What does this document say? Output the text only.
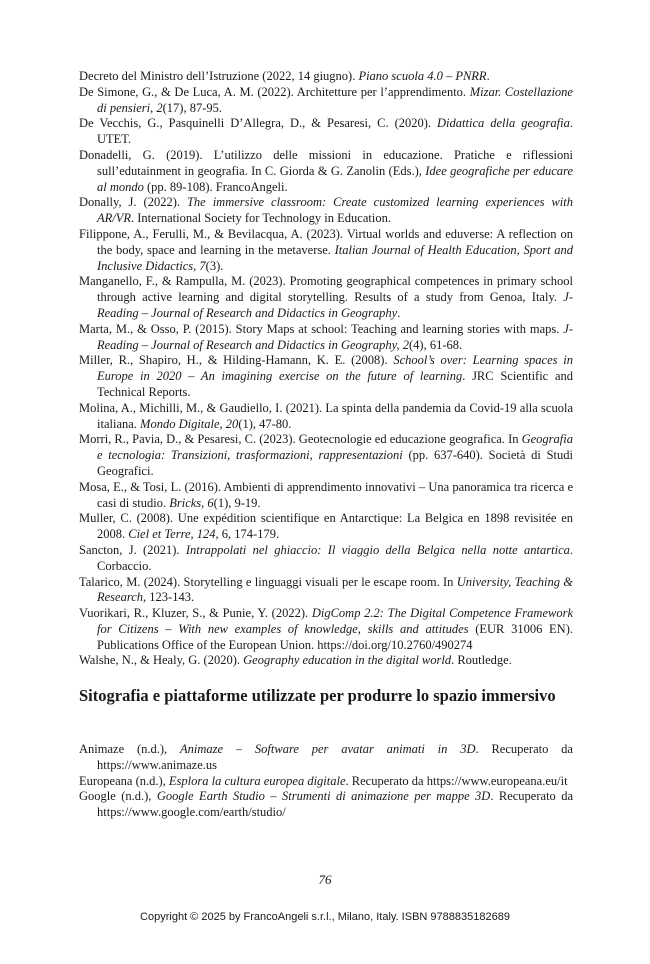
Decreto del Ministro dell’Istruzione (2022, 14 giugno). Piano scuola 4.0 – PNRR.

De Simone, G., & De Luca, A. M. (2022). Architetture per l’apprendimento. Mizar. Costellazione di pensieri, 2(17), 87-95.

De Vecchis, G., Pasquinelli D’Allegra, D., & Pesaresi, C. (2020). Didattica della geografia. UTET.

Donadelli, G. (2019). L’utilizzo delle missioni in educazione. Pratiche e riflessioni sull’edutainment in geografia. In C. Giorda & G. Zanolin (Eds.), Idee geografiche per educare al mondo (pp. 89-108). FrancoAngeli.

Donally, J. (2022). The immersive classroom: Create customized learning experiences with AR/VR. International Society for Technology in Education.

Filippone, A., Ferulli, M., & Bevilacqua, A. (2023). Virtual worlds and eduverse: A reflection on the body, space and learning in the metaverse. Italian Journal of Health Education, Sport and Inclusive Didactics, 7(3).

Manganello, F., & Rampulla, M. (2023). Promoting geographical competences in primary school through active learning and digital storytelling. Results of a study from Genoa, Italy. J-Reading – Journal of Research and Didactics in Geography.

Marta, M., & Osso, P. (2015). Story Maps at school: Teaching and learning stories with maps. J-Reading – Journal of Research and Didactics in Geography, 2(4), 61-68.

Miller, R., Shapiro, H., & Hilding-Hamann, K. E. (2008). School’s over: Learning spaces in Europe in 2020 – An imagining exercise on the future of learning. JRC Scientific and Technical Reports.

Molina, A., Michilli, M., & Gaudiello, I. (2021). La spinta della pandemia da Covid-19 alla scuola italiana. Mondo Digitale, 20(1), 47-80.

Morri, R., Pavia, D., & Pesaresi, C. (2023). Geotecnologie ed educazione geografica. In Geografia e tecnologia: Transizioni, trasformazioni, rappresentazioni (pp. 637-640). Società di Studi Geografici.

Mosa, E., & Tosi, L. (2016). Ambienti di apprendimento innovativi – Una panoramica tra ricerca e casi di studio. Bricks, 6(1), 9-19.

Muller, C. (2008). Une expédition scientifique en Antarctique: La Belgica en 1898 revisitée en 2008. Ciel et Terre, 124, 6, 174-179.

Sancton, J. (2021). Intrappolati nel ghiaccio: Il viaggio della Belgica nella notte antartica. Corbaccio.

Talarico, M. (2024). Storytelling e linguaggi visuali per le escape room. In University, Teaching & Research, 123-143.

Vuorikari, R., Kluzer, S., & Punie, Y. (2022). DigComp 2.2: The Digital Competence Framework for Citizens – With new examples of knowledge, skills and attitudes (EUR 31006 EN). Publications Office of the European Union. https://doi.org/10.2760/490274

Walshe, N., & Healy, G. (2020). Geography education in the digital world. Routledge.

Sitografia e piattaforme utilizzate per produrre lo spazio immersivo

Animaze (n.d.), Animaze – Software per avatar animati in 3D. Recuperato da https://www.animaze.us

Europeana (n.d.), Esplora la cultura europea digitale. Recuperato da https://www.europeana.eu/it

Google (n.d.), Google Earth Studio – Strumenti di animazione per mappe 3D. Recuperato da https://www.google.com/earth/studio/

76
Copyright © 2025 by FrancoAngeli s.r.l., Milano, Italy. ISBN 9788835182689
